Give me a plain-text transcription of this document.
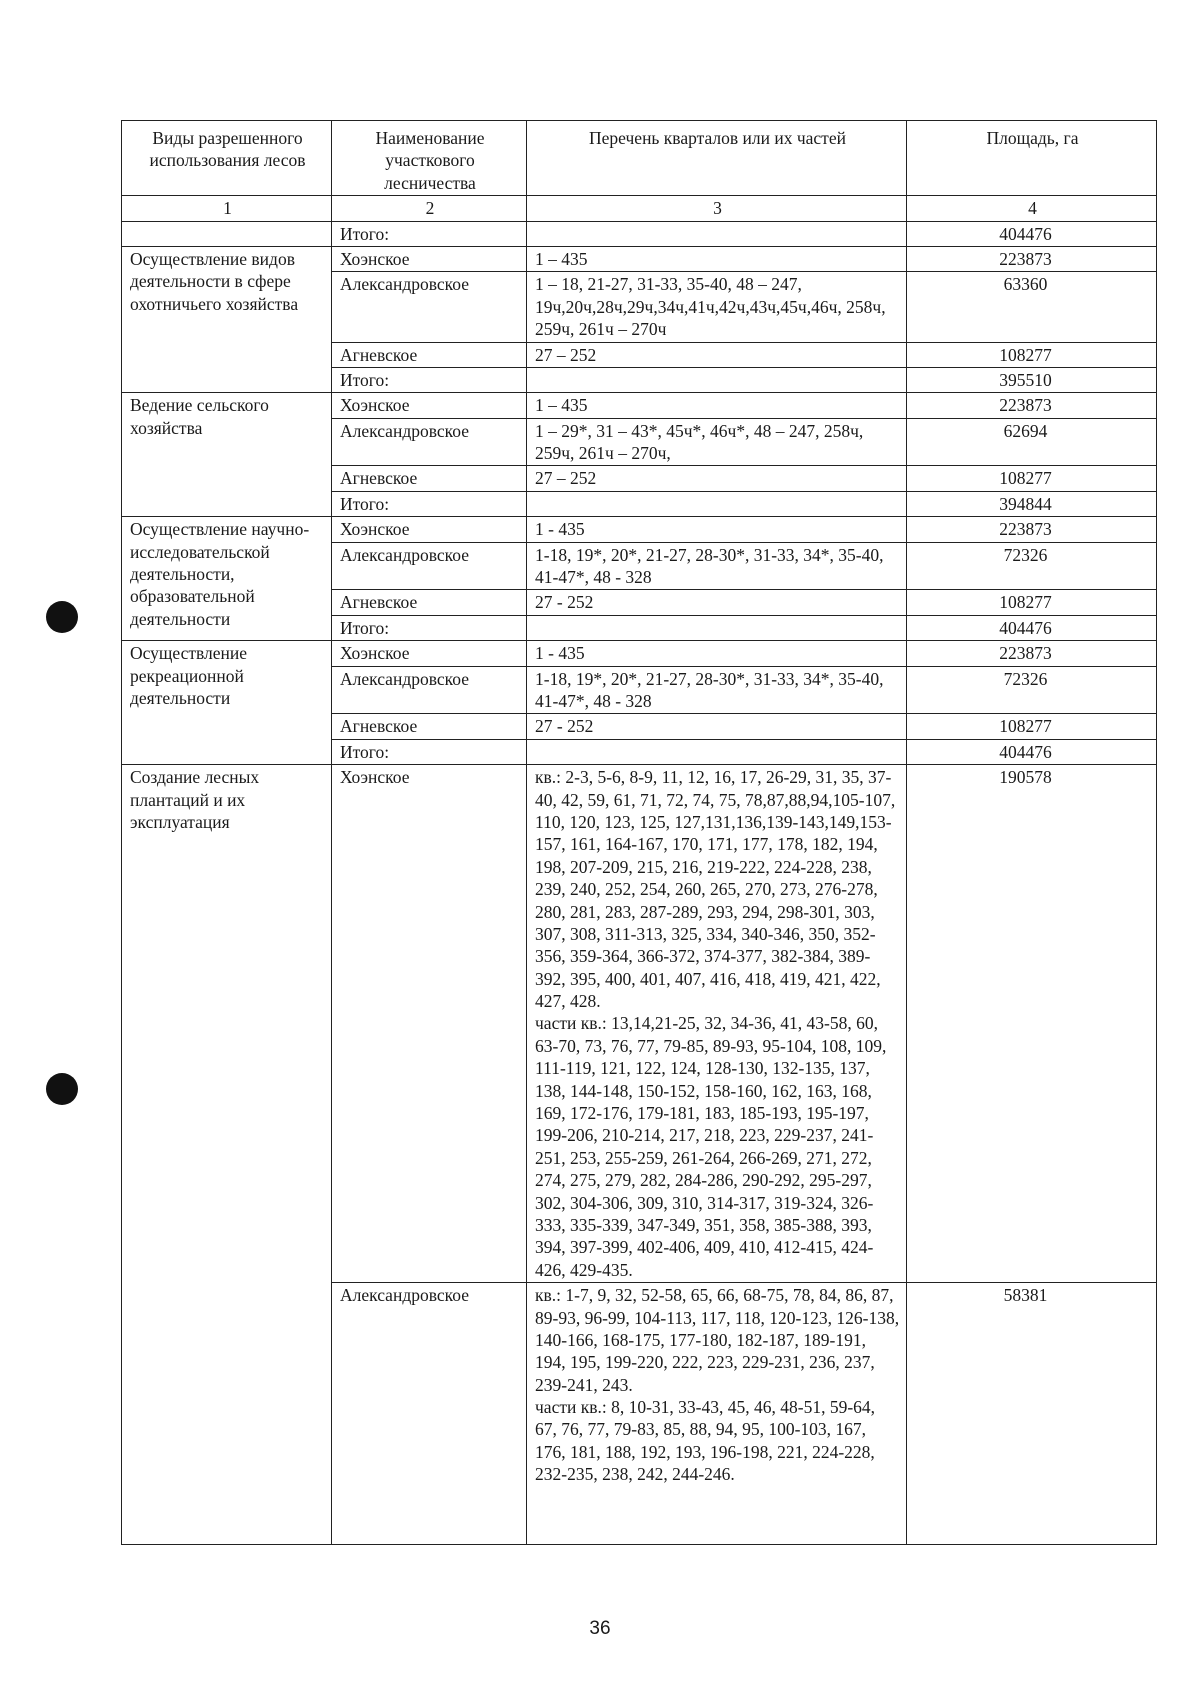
Виды разрешенного использования лесов	Наименование участкового лесничества	Перечень кварталов или их частей	Площадь, га
1	2	3	4
	Итого:		404476
Осуществление видов деятельности в сфере охотничьего хозяйства	Хоэнское	1 – 435	223873
	Александровское	1 – 18, 21-27, 31-33, 35-40, 48 – 247, 19ч,20ч,28ч,29ч,34ч,41ч,42ч,43ч,45ч,46ч, 258ч, 259ч, 261ч – 270ч	63360
	Агневское	27 – 252	108277
	Итого:		395510
Ведение сельского хозяйства	Хоэнское	1 – 435	223873
	Александровское	1 – 29*, 31 – 43*, 45ч*, 46ч*, 48 – 247, 258ч, 259ч, 261ч – 270ч,	62694
	Агневское	27 – 252	108277
	Итого:		394844
Осуществление научно-исследовательской деятельности, образовательной деятельности	Хоэнское	1 - 435	223873
	Александровское	1-18, 19*, 20*, 21-27, 28-30*, 31-33, 34*, 35-40, 41-47*, 48 - 328	72326
	Агневское	27 - 252	108277
	Итого:		404476
Осуществление рекреационной деятельности	Хоэнское	1 - 435	223873
	Александровское	1-18, 19*, 20*, 21-27, 28-30*, 31-33, 34*, 35-40, 41-47*, 48 - 328	72326
	Агневское	27 - 252	108277
	Итого:		404476
Создание лесных плантаций и их эксплуатация	Хоэнское	кв.: 2-3, 5-6, 8-9, 11, 12, 16, 17, 26-29, 31, 35, 37-40, 42, 59, 61, 71, 72, 74, 75, 78,87,88,94,105-107, 110, 120, 123, 125, 127,131,136,139-143,149,153-157, 161, 164-167, 170, 171, 177, 178, 182, 194, 198, 207-209, 215, 216, 219-222, 224-228, 238, 239, 240, 252, 254, 260, 265, 270, 273, 276-278, 280, 281, 283, 287-289, 293, 294, 298-301, 303, 307, 308, 311-313, 325, 334, 340-346, 350, 352-356, 359-364, 366-372, 374-377, 382-384, 389-392, 395, 400, 401, 407, 416, 418, 419, 421, 422, 427, 428.
части кв.: 13,14,21-25, 32, 34-36, 41, 43-58, 60, 63-70, 73, 76, 77, 79-85, 89-93, 95-104, 108, 109, 111-119, 121, 122, 124, 128-130, 132-135, 137, 138, 144-148, 150-152, 158-160, 162, 163, 168, 169, 172-176, 179-181, 183, 185-193, 195-197, 199-206, 210-214, 217, 218, 223, 229-237, 241-251, 253, 255-259, 261-264, 266-269, 271, 272, 274, 275, 279, 282, 284-286, 290-292, 295-297, 302, 304-306, 309, 310, 314-317, 319-324, 326-333, 335-339, 347-349, 351, 358, 385-388, 393, 394, 397-399, 402-406, 409, 410, 412-415, 424-426, 429-435.	190578
	Александровское	кв.: 1-7, 9, 32, 52-58, 65, 66, 68-75, 78, 84, 86, 87, 89-93, 96-99, 104-113, 117, 118, 120-123, 126-138, 140-166, 168-175, 177-180, 182-187, 189-191, 194, 195, 199-220, 222, 223, 229-231, 236, 237, 239-241, 243.
части кв.: 8, 10-31, 33-43, 45, 46, 48-51, 59-64, 67, 76, 77, 79-83, 85, 88, 94, 95, 100-103, 167, 176, 181, 188, 192, 193, 196-198, 221, 224-228, 232-235, 238, 242, 244-246.	58381
36
